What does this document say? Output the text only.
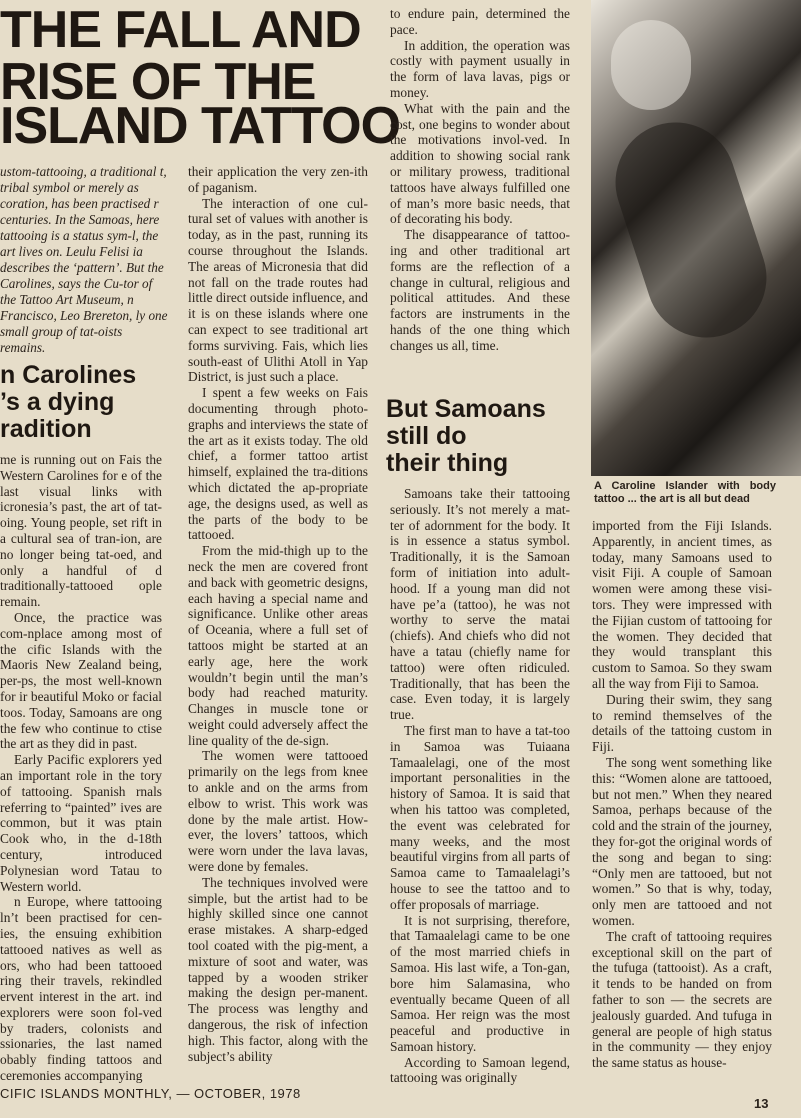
THE FALL AND
RISE OF THE
ISLAND TATTOO

ustom-tattooing, a traditional t, tribal symbol or merely as coration, has been practised r centuries. In the Samoas, here tattooing is a status sym-l, the art lives on. Leulu Felisi ia describes the ‘pattern’. But the Carolines, says the Cu-tor of the Tattoo Art Museum, n Francisco, Leo Brereton, ly one small group of tat-oists remains.

n Carolines
’s a dying
radition

me is running out on Fais the Western Carolines for e of the last visual links with icronesia’s past, the art of tat-oing. Young people, set rift in a cultural sea of tran-ion, are no longer being tat-oed, and only a handful of d traditionally-tattooed ople remain.

Once, the practice was com-nplace among most of the cific Islands with the Maoris New Zealand being, per-ps, the most well-known for ir beautiful Moko or facial toos. Today, Samoans are ong the few who continue to ctise the art as they did in past.

Early Pacific explorers yed an important role in the tory of tattooing. Spanish rnals referring to “painted” ives are common, but it was ptain Cook who, in the d-18th century, introduced Polynesian word Tatau to Western world.

n Europe, where tattooing ln’t been practised for cen-ies, the ensuing exhibition tattooed natives as well as ors, who had been tattooed ring their travels, rekindled ervent interest in the art. ind explorers were soon fol-ved by traders, colonists and ssionaries, the last named obably finding tattoos and ceremonies accompanying

their application the very zen-ith of paganism.

The interaction of one cul-tural set of values with another is today, as in the past, running its course throughout the Islands. The areas of Micronesia that did not fall on the trade routes had little direct outside influence, and it is on these islands where one can expect to see traditional art forms surviving. Fais, which lies south-east of Ulithi Atoll in Yap District, is just such a place.

I spent a few weeks on Fais documenting through photo-graphs and interviews the state of the art as it exists today. The old chief, a former tattoo artist himself, explained the tra-ditions which dictated the ap-propriate age, the designs used, as well as the parts of the body to be tattooed.

From the mid-thigh up to the neck the men are covered front and back with geometric designs, each having a special name and significance. Unlike other areas of Oceania, where a full set of tattoos might be started at an early age, here the work wouldn’t begin until the man’s body had reached maturity. Changes in muscle tone or weight could adversely affect the line quality of the de-sign.

The women were tattooed primarily on the legs from knee to ankle and on the arms from elbow to wrist. This work was done by the male artist. How-ever, the lovers’ tattoos, which were worn under the lava lavas, were done by females.

The techniques involved were simple, but the artist had to be highly skilled since one cannot erase mistakes. A sharp-edged tool coated with the pig-ment, a mixture of soot and water, was tapped by a wooden striker making the design per-manent. The process was lengthy and dangerous, the risk of infection high. This factor, along with the subject’s ability

to endure pain, determined the pace.

In addition, the operation was costly with payment usually in the form of lava lavas, pigs or money.

What with the pain and the cost, one begins to wonder about the motivations invol-ved. In addition to showing social rank or military prowess, traditional tattoos have always fulfilled one of man’s more basic needs, that of decorating his body.

The disappearance of tattoo-ing and other traditional art forms are the reflection of a change in cultural, religious and political attitudes. And these factors are instruments in the hands of the one thing which changes us all, time.

But Samoans
still do
their thing

Samoans take their tattooing seriously. It’s not merely a mat-ter of adornment for the body. It is in essence a status symbol. Traditionally, it is the Samoan form of initiation into adult-hood. If a young man did not have pe’a (tattoo), he was not worthy to serve the matai (chiefs). And chiefs who did not have a tatau (chiefly name for tattoo) were often ridiculed. Traditionally, that has been the case. Even today, it is largely true.

The first man to have a tat-too in Samoa was Tuiaana Tamaalelagi, one of the most important personalities in the history of Samoa. It is said that when his tattoo was completed, the event was celebrated for many weeks, and the most beautiful virgins from all parts of Samoa came to Tamaalelagi’s house to see the tattoo and to offer proposals of marriage.

It is not surprising, therefore, that Tamaalelagi came to be one of the most married chiefs in Samoa. His last wife, a Ton-gan, bore him Salamasina, who eventually became Queen of all Samoa. Her reign was the most peaceful and productive in Samoan history.

According to Samoan legend, tattooing was originally

A Caroline Islander with body tattoo ... the art is all but dead

imported from the Fiji Islands. Apparently, in ancient times, as today, many Samoans used to visit Fiji. A couple of Samoan women were among these visi-tors. They were impressed with the Fijian custom of tattooing for the women. They decided that they would transplant this custom to Samoa. So they swam all the way from Fiji to Samoa.

During their swim, they sang to remind themselves of the details of the tattoing custom in Fiji.

The song went something like this: “Women alone are tattooed, but not men.” When they neared Samoa, perhaps because of the cold and the strain of the journey, they for-got the original words of the song and began to sing: “Only men are tattooed, but not women.” So that is why, today, only men are tattooed and not women.

The craft of tattooing requires exceptional skill on the part of the tufuga (tattooist). As a craft, it tends to be handed on from father to son — the secrets are jealously guarded. And tufuga in general are people of high status in the community — they enjoy the same status as house-

CIFIC ISLANDS MONTHLY, — OCTOBER, 1978
13
